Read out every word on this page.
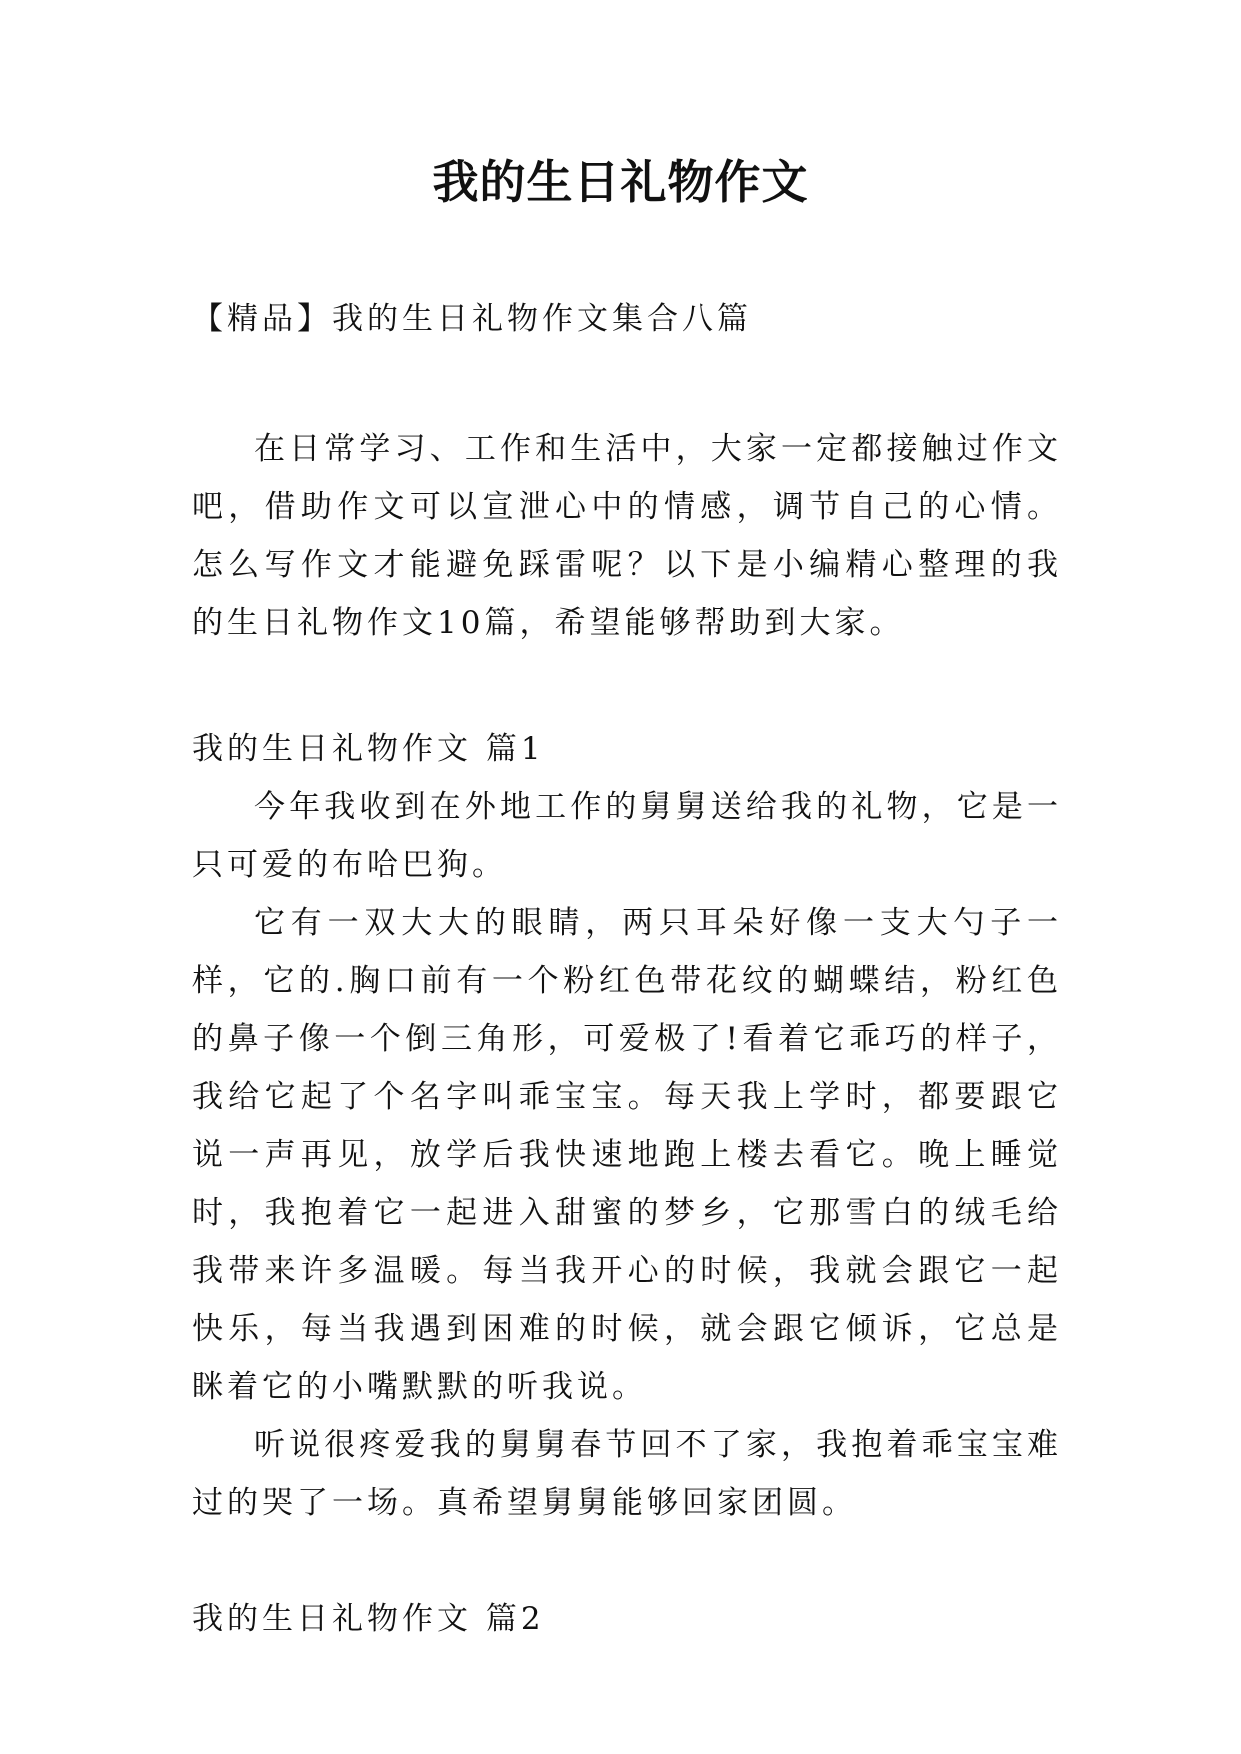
我的生日礼物作文
【精品】我的生日礼物作文集合八篇

在日常学习、工作和生活中，大家一定都接触过作文吧，借助作文可以宣泄心中的情感，调节自己的心情。怎么写作文才能避免踩雷呢？以下是小编精心整理的我的生日礼物作文10篇，希望能够帮助到大家。

我的生日礼物作文 篇1

今年我收到在外地工作的舅舅送给我的礼物，它是一只可爱的布哈巴狗。

它有一双大大的眼睛，两只耳朵好像一支大勺子一样，它的.胸口前有一个粉红色带花纹的蝴蝶结，粉红色的鼻子像一个倒三角形，可爱极了!看着它乖巧的样子，我给它起了个名字叫乖宝宝。每天我上学时，都要跟它说一声再见，放学后我快速地跑上楼去看它。晚上睡觉时，我抱着它一起进入甜蜜的梦乡，它那雪白的绒毛给我带来许多温暖。每当我开心的时候，我就会跟它一起快乐，每当我遇到困难的时候，就会跟它倾诉，它总是眯着它的小嘴默默的听我说。

听说很疼爱我的舅舅春节回不了家，我抱着乖宝宝难过的哭了一场。真希望舅舅能够回家团圆。

我的生日礼物作文 篇2
